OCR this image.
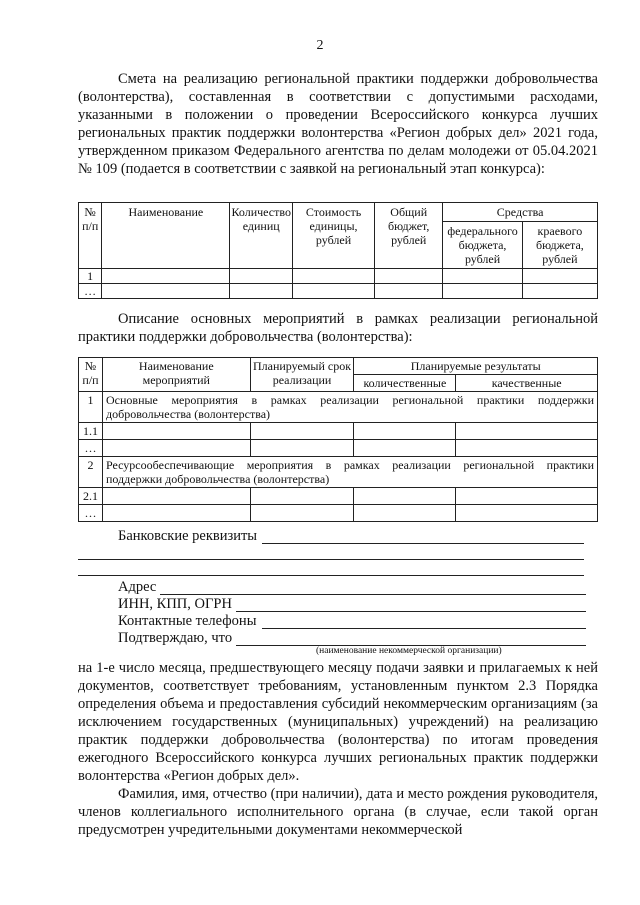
2

Смета на реализацию региональной практики поддержки добровольчества (волонтерства), составленная в соответствии с допустимыми расходами, указанными в положении о проведении Всероссийского конкурса лучших региональных практик поддержки волонтерства «Регион добрых дел» 2021 года, утвержденном приказом Федерального агентства по делам молодежи от 05.04.2021 № 109 (подается в соответствии с заявкой на региональный этап конкурса):

№ п/п	Наименование	Количество единиц	Стоимость единицы, рублей	Общий бюджет, рублей	Средства	
					федерального бюджета, рублей	краевого бюджета, рублей
1						
…						

Описание основных мероприятий в рамках реализации региональной практики поддержки добровольчества (волонтерства):

№ п/п	Наименование мероприятий	Планируемый срок реализации	Планируемые результаты	
			количественные	качественные
1	Основные мероприятия в рамках реализации региональной практики поддержки добровольчества (волонтерства)			
1.1				
…				
2	Ресурсообеспечивающие мероприятия в рамках реализации региональной практики поддержки добровольчества (волонтерства)			
2.1				
…				
Банковские реквизиты
Адрес
ИНН, КПП, ОГРН
Контактные телефоны
Подтверждаю, что
(наименование некоммерческой организации)

на 1-е число месяца, предшествующего месяцу подачи заявки и прилагаемых к ней документов, соответствует требованиям, установленным пунктом 2.3 Порядка определения объема и предоставления субсидий некоммерческим организациям (за исключением государственных (муниципальных) учреждений) на реализацию практик поддержки добровольчества (волонтерства) по итогам проведения ежегодного Всероссийского конкурса лучших региональных практик поддержки волонтерства «Регион добрых дел».

Фамилия, имя, отчество (при наличии), дата и место рождения руководителя, членов коллегиального исполнительного органа (в случае, если такой орган предусмотрен учредительными документами некоммерческой
